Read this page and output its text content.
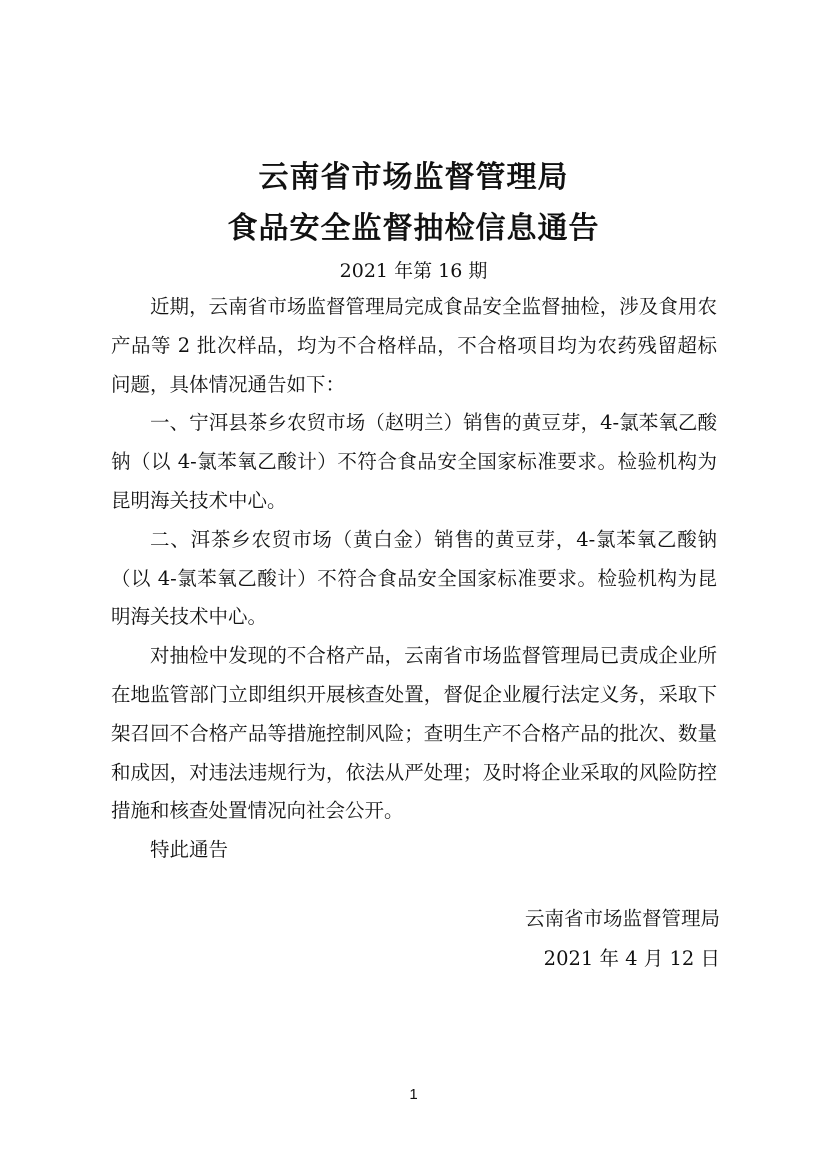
云南省市场监督管理局
食品安全监督抽检信息通告
2021 年第 16 期

近期，云南省市场监督管理局完成食品安全监督抽检，涉及食用农产品等 2 批次样品，均为不合格样品，不合格项目均为农药残留超标问题，具体情况通告如下：

一、宁洱县茶乡农贸市场（赵明兰）销售的黄豆芽，4-氯苯氧乙酸钠（以 4-氯苯氧乙酸计）不符合食品安全国家标准要求。检验机构为昆明海关技术中心。

二、洱茶乡农贸市场（黄白金）销售的黄豆芽，4-氯苯氧乙酸钠（以 4-氯苯氧乙酸计）不符合食品安全国家标准要求。检验机构为昆明海关技术中心。

对抽检中发现的不合格产品，云南省市场监督管理局已责成企业所在地监管部门立即组织开展核查处置，督促企业履行法定义务，采取下架召回不合格产品等措施控制风险；查明生产不合格产品的批次、数量和成因，对违法违规行为，依法从严处理；及时将企业采取的风险防控措施和核查处置情况向社会公开。

特此通告

云南省市场监督管理局
2021 年 4 月 12 日
1
